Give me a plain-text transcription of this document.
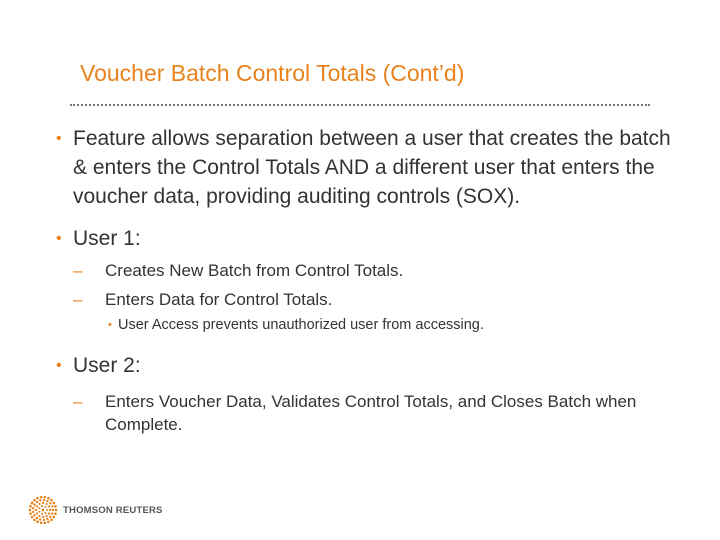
Voucher Batch Control Totals (Cont’d)
• Feature allows separation between a user that creates the batch & enters the Control Totals AND a different user that enters the voucher data, providing auditing controls (SOX).
• User 1:
– Creates New Batch from Control Totals.
– Enters Data for Control Totals.
• User Access prevents unauthorized user from accessing.
• User 2:
– Enters Voucher Data, Validates Control Totals, and Closes Batch when Complete.
THOMSON REUTERS
